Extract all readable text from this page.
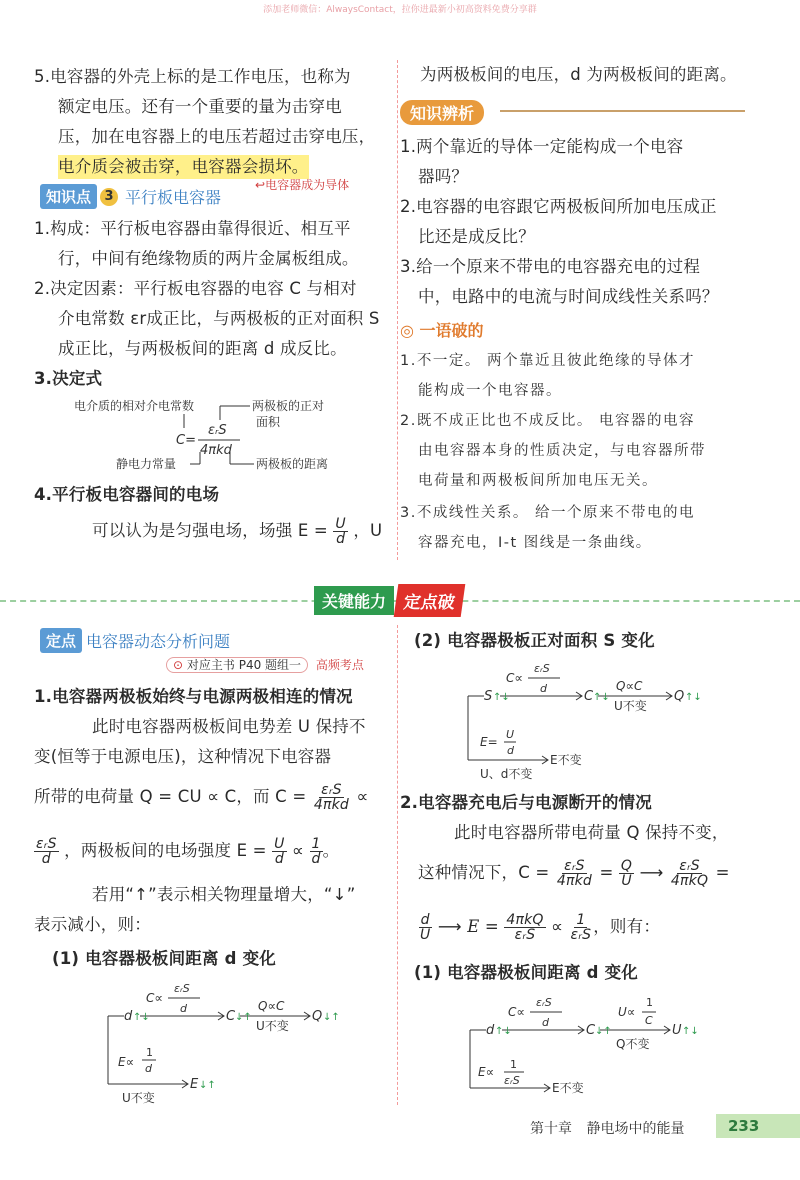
添加老师微信：AlwaysContact，拉你进最新小初高资料免费分享群
5.电容器的外壳上标的是工作电压，也称为
额定电压。还有一个重要的量为击穿电
压，加在电容器上的电压若超过击穿电压，
电介质会被击穿，电容器会损坏。
↩电容器成为导体
知识点	3 平行板电容器
1.构成：平行板电容器由靠得很近、相互平
行，中间有绝缘物质的两片金属板组成。
2.决定因素：平行板电容器的电容 C 与相对
介电常数 εr成正比，与两极板的正对面积 S
成正比，与两极板间的距离 d 成反比。
3.决定式
电介质的相对介电常数	两极板的正对
面积
静电力常量	两极板的距离
C=
εᵣS
4πkd
4.平行板电容器间的电场
可以认为是匀强电场，场强 $E = \frac{U}{d}$ ，U
为两极板间的电压，d 为两极板间的距离。
知识辨析
1.两个靠近的导体一定能构成一个电容
器吗？
2.电容器的电容跟它两极板间所加电压成正
比还是成反比？
3.给一个原来不带电的电容器充电的过程
中，电路中的电流与时间成线性关系吗？
◎ 一语破的
1.不一定。 两个靠近且彼此绝缘的导体才
能构成一个电容器。
2.既不成正比也不成反比。 电容器的电容
由电容器本身的性质决定，与电容器所带
电荷量和两极板间所加电压无关。
3.不成线性关系。 给一个原来不带电的电
容器充电，I-t 图线是一条曲线。
关键能力 定点破
定点 电容器动态分析问题
⊙ 对应主书 P40 题组一 高频考点
1.电容器两极板始终与电源两极相连的情况
此时电容器两极板间电势差 U 保持不
变(恒等于电源电压)，这种情况下电容器
所带的电荷量 Q = CU ∝ C，而 $C = \frac{\text{εᵣS}}{\text{4πkd}}$ ∝
$\frac{\text{εᵣS}}{d}$ ，两极板间的电场强度 $E = \frac{U}{d} \propto \frac{1}{d}$ 。
若用“↑”表示相关物理量增大，“↓”
表示减小，则：
(1) 电容器极板间距离 d 变化
d ↑↓
C∝
εᵣS
d
C ↓↑
Q∝C
U不变
Q ↓↑
E∝
1
d
E ↓↑
U不变
(2) 电容器极板正对面积 S 变化
S ↑↓
C∝
εᵣS
d
C ↑↓
Q∝C
U不变
Q ↑↓
E=
U
d
E不变
U、d不变
2.电容器充电后与电源断开的情况
此时电容器所带电荷量 Q 保持不变，
这种情况下，$C = \frac{\text{εᵣS}}{\text{4πkd}} = \frac{Q}{U}$ ⟶ $\frac{\text{εᵣS}}{\text{4πkQ}}$ =
$\frac{d}{U}$ ⟶ $E = \frac{\text{4πkQ}}{\text{εᵣS}} \propto \frac{1}{\text{εᵣS}}$ ，则有：
(1) 电容器极板间距离 d 变化
d ↑↓
C∝
εᵣS
d
C ↓↑
U∝
1
C
Q不变
U ↑↓
E∝
1
εᵣS
E不变
第十章 静电场中的能量	233
